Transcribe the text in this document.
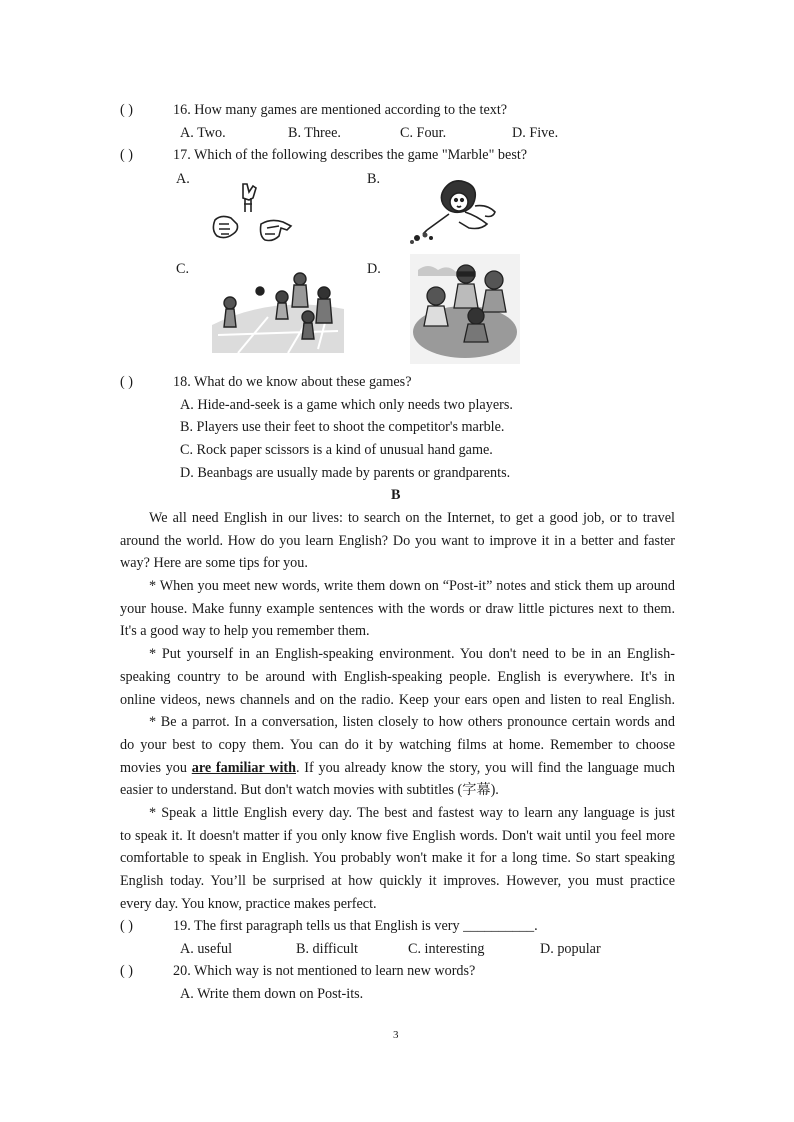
( )	16. How many games are mentioned according to the text?
A. Two.	B. Three.	C. Four.	D. Five.
( )	17. Which of the following describes the game "Marble" best?
A.	B.
C.	D.
( )	18. What do we know about these games?
A. Hide-and-seek is a game which only needs two players.
B. Players use their feet to shoot the competitor's marble.
C. Rock paper scissors is a kind of unusual hand game.
D. Beanbags are usually made by parents or grandparents.
B
We all need English in our lives: to search on the Internet, to get a good job, or to travel
around the world. How do you learn English? Do you want to improve it in a better and faster
way? Here are some tips for you.
* When you meet new words, write them down on “Post-it” notes and stick them up around
your house. Make funny example sentences with the words or draw little pictures next to them.
It's a good way to help you remember them.
* Put yourself in an English-speaking environment. You don't need to be in an English-
speaking country to be around with English-speaking people. English is everywhere. It's in
online videos, news channels and on the radio. Keep your ears open and listen to real English.
* Be a parrot. In a conversation, listen closely to how others pronounce certain words and
do your best to copy them. You can do it by watching films at home. Remember to choose
movies you are familiar with. If you already know the story, you will find the language much
easier to understand. But don't watch movies with subtitles (字幕).
* Speak a little English every day. The best and fastest way to learn any language is just
to speak it. It doesn't matter if you only know five English words. Don't wait until you feel more
comfortable to speak in English. You probably won't make it for a long time. So start speaking
English today. You’ll be surprised at how quickly it improves. However, you must practice
every day. You know, practice makes perfect.
( )	19. The first paragraph tells us that English is very __________.
A. useful	B. difficult	C. interesting	D. popular
( )	20. Which way is not mentioned to learn new words?
A. Write them down on Post-its.
3
